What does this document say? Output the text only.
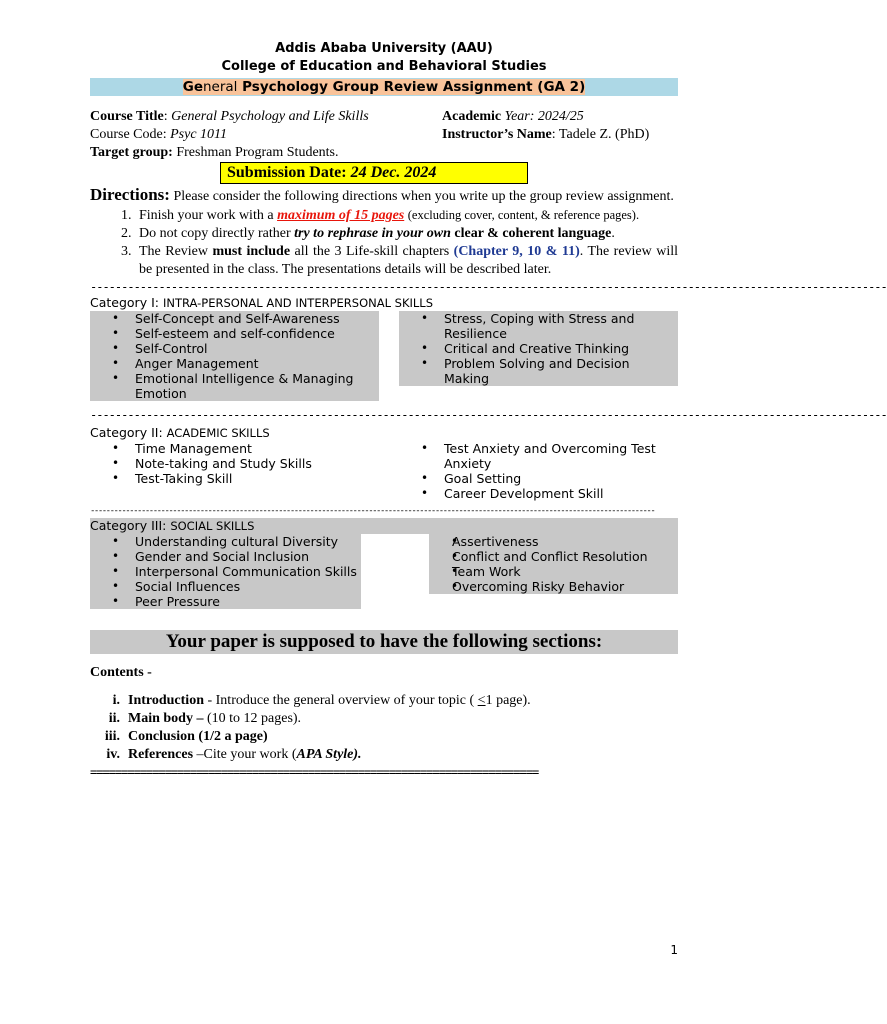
Addis Ababa University (AAU)
College of Education and Behavioral Studies
General Psychology Group Review Assignment (GA 2)
Course Title: General Psychology and Life Skills	Academic Year: 2024/25
Course Code: Psyc 1011	Instructor’s Name: Tadele Z. (PhD)
Target group: Freshman Program Students.
Submission Date: 24 Dec. 2024
Directions: Please consider the following directions when you write up the group review assignment.
1. Finish your work with a maximum of 15 pages (excluding cover, content, & reference pages).
2. Do not copy directly rather try to rephrase in your own clear & coherent language.
3. The Review must include all the 3 Life-skill chapters (Chapter 9, 10 & 11). The review will be presented in the class. The presentations details will be described later.
--------------------------------------------------------------------------------------------------------------------------------
Category I: INTRA-PERSONAL AND INTERPERSONAL SKILLS
• Self-Concept and Self-Awareness
• Self-esteem and self-confidence
• Self-Control
• Anger Management
• Emotional Intelligence & Managing Emotion
• Stress, Coping with Stress and Resilience
• Critical and Creative Thinking
• Problem Solving and Decision Making
--------------------------------------------------------------------------------------------------------------------------------
Category II: ACADEMIC SKILLS
• Time Management
• Note-taking and Study Skills
• Test-Taking Skill
• Test Anxiety and Overcoming Test Anxiety
• Goal Setting
• Career Development Skill
------------------------------------------------------------------------------------------------------------------------------------------------
Category III: SOCIAL SKILLS
• Understanding cultural Diversity
• Gender and Social Inclusion
• Interpersonal Communication Skills
• Social Influences
• Peer Pressure
• Assertiveness
• Conflict and Conflict Resolution
• Team Work
• Overcoming Risky Behavior
Your paper is supposed to have the following sections:
Contents -
i. Introduction - Introduce the general overview of your topic ( <1 page).
ii. Main body – (10 to 12 pages).
iii. Conclusion (1/2 a page)
iv. References –Cite your work (APA Style).
========================================================================
1
